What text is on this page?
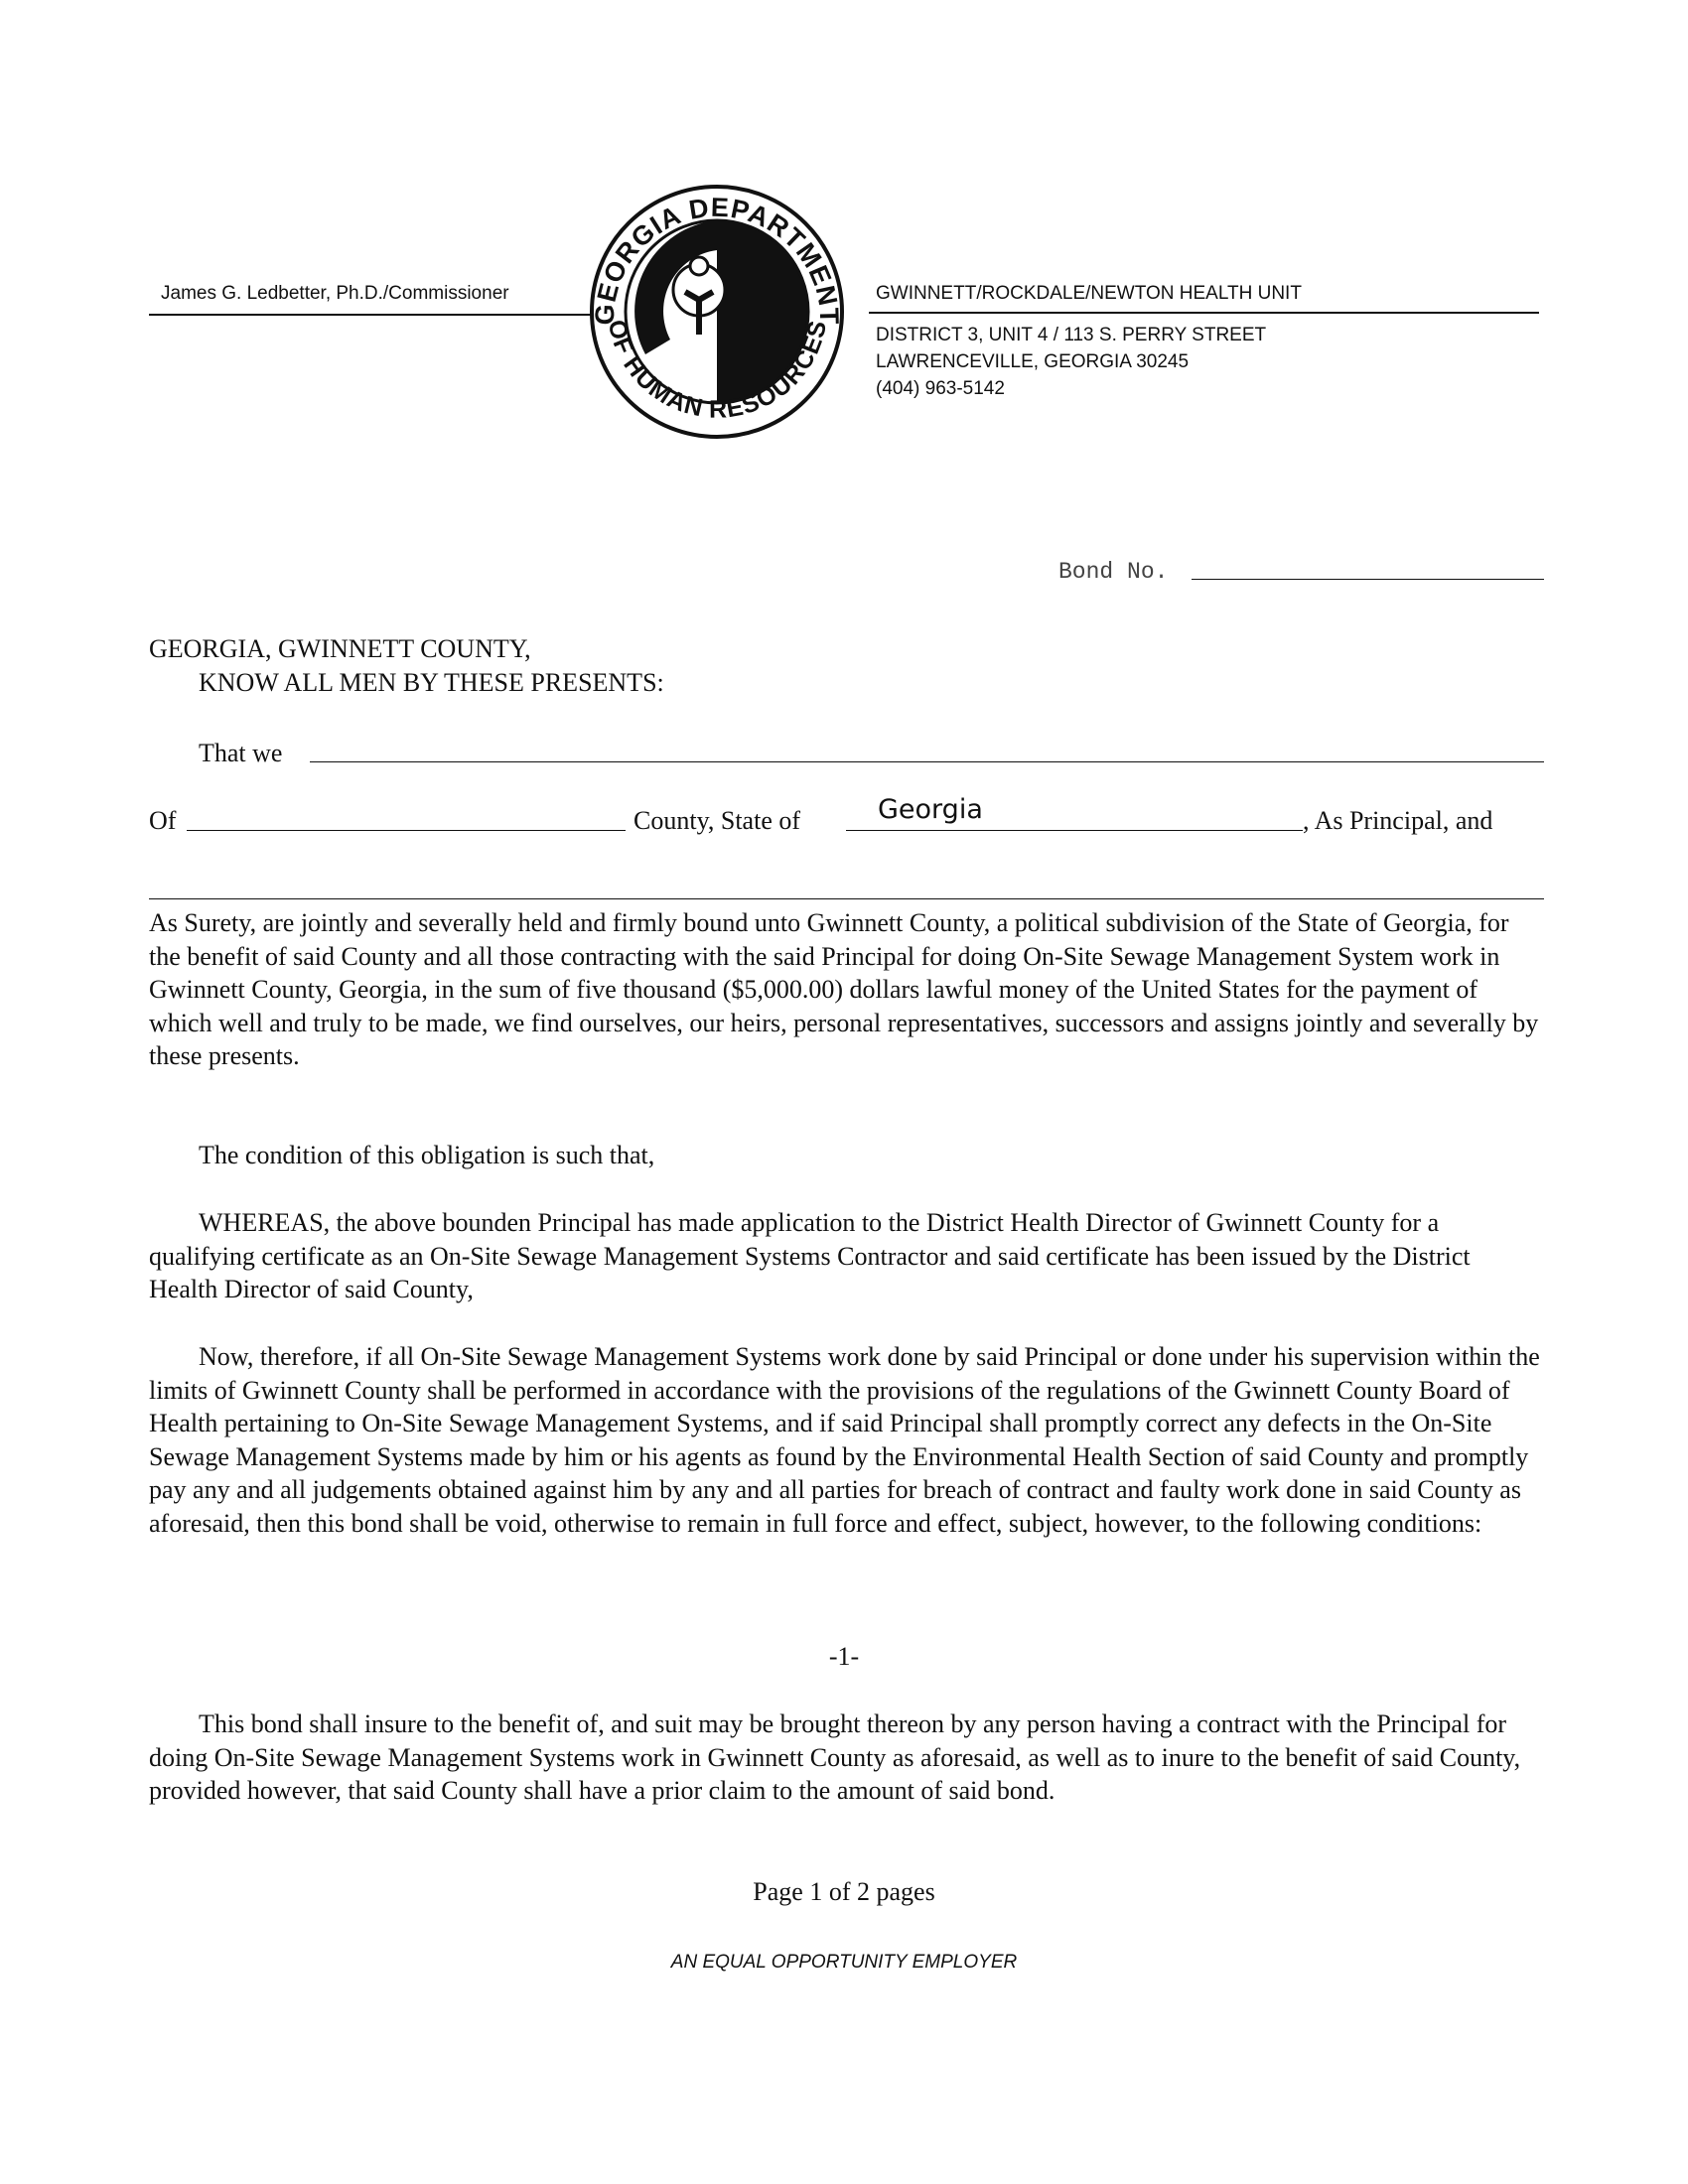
James G. Ledbetter, Ph.D./Commissioner
GEORGIA DEPARTMENT
OF HUMAN RESOURCES
GWINNETT/ROCKDALE/NEWTON HEALTH UNIT
DISTRICT 3, UNIT 4 / 113 S. PERRY STREET
LAWRENCEVILLE, GEORGIA 30245
(404) 963-5142
Bond No.
GEORGIA, GWINNETT COUNTY,
KNOW ALL MEN BY THESE PRESENTS:
That we
Of	County, State of	Georgia	, As Principal, and

As Surety, are jointly and severally held and firmly bound unto Gwinnett County, a political subdivision of the State of Georgia, for the benefit of said County and all those contracting with the said Principal for doing On-Site Sewage Management System work in Gwinnett County, Georgia, in the sum of five thousand ($5,000.00) dollars lawful money of the United States for the payment of which well and truly to be made, we find ourselves, our heirs, personal representatives, successors and assigns jointly and severally by these presents.

The condition of this obligation is such that,

WHEREAS, the above bounden Principal has made application to the District Health Director of Gwinnett County for a qualifying certificate as an On-Site Sewage Management Systems Contractor and said certificate has been issued by the District Health Director of said County,

Now, therefore, if all On-Site Sewage Management Systems work done by said Principal or done under his supervision within the limits of Gwinnett County shall be performed in accordance with the provisions of the regulations of the Gwinnett County Board of Health pertaining to On-Site Sewage Management Systems, and if said Principal shall promptly correct any defects in the On-Site Sewage Management Systems made by him or his agents as found by the Environmental Health Section of said County and promptly pay any and all judgements obtained against him by any and all parties for breach of contract and faulty work done in said County as aforesaid, then this bond shall be void, otherwise to remain in full force and effect, subject, however, to the following conditions:

-1-

This bond shall insure to the benefit of, and suit may be brought thereon by any person having a contract with the Principal for doing On-Site Sewage Management Systems work in Gwinnett County as aforesaid, as well as to inure to the benefit of said County, provided however, that said County shall have a prior claim to the amount of said bond.

Page 1 of 2 pages
AN EQUAL OPPORTUNITY EMPLOYER
